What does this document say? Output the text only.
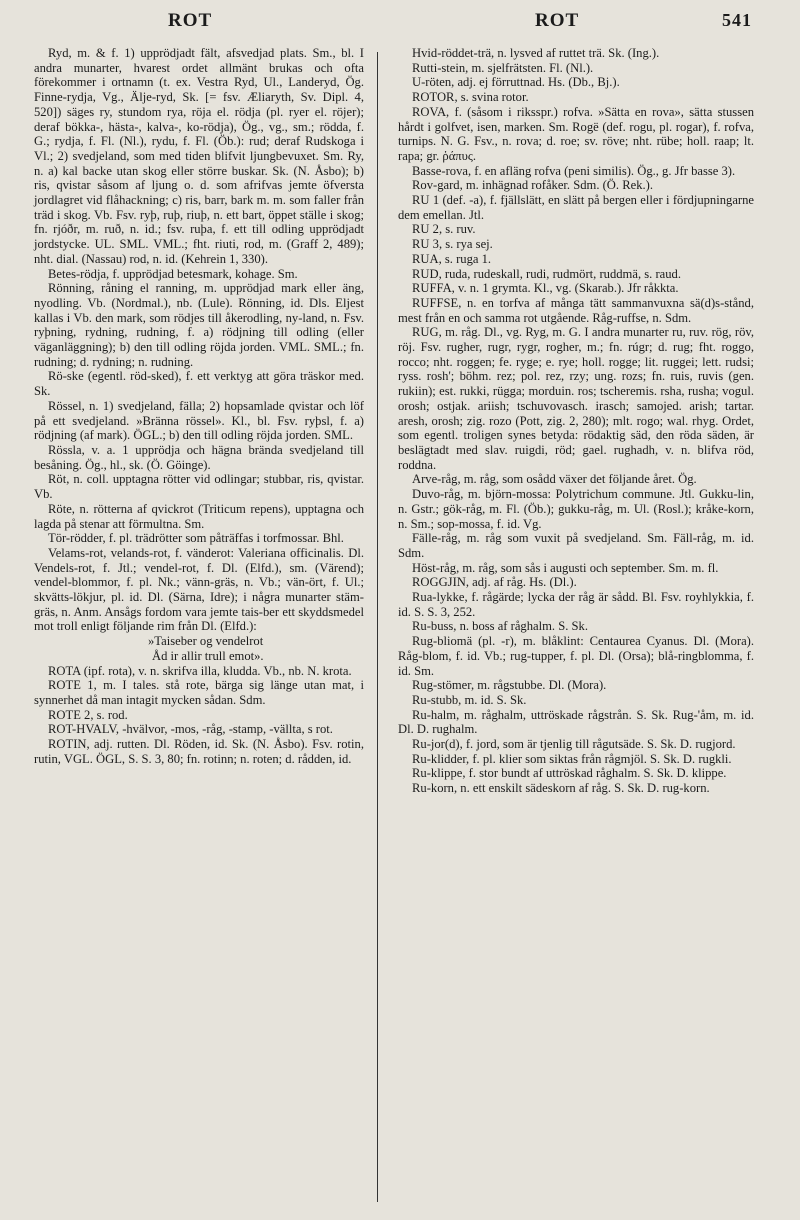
ROT	ROT	541

Ryd, m. & f. 1) upprödjadt fält, afsvedjad plats. Sm., bl. I andra munarter, hvarest ordet allmänt brukas och ofta förekommer i ortnamn (t. ex. Vestra Ryd, Ul., Landeryd, Ög. Finne-rydja, Vg., Älje-ryd, Sk. [= fsv. Æliaryth, Sv. Dipl. 4, 520]) säges ry, stundom rya, röja el. rödja (pl. ryer el. röjer); deraf bökka-, hästa-, kalva-, ko-rödja), Ög., vg., sm.; rödda, f. G.; rydja, f. Fl. (Nl.), rydu, f. Fl. (Öb.): rud; deraf Rudskoga i Vl.; 2) svedjeland, som med tiden blifvit ljungbevuxet. Sm. Ry, n. a) kal backe utan skog eller större buskar. Sk. (N. Åsbo); b) ris, qvistar såsom af ljung o. d. som afrifvas jemte öfversta jordlagret vid flåhackning; c) ris, barr, bark m. m. som faller från träd i skog. Vb. Fsv. ryþ, ruþ, riuþ, n. ett bart, öppet ställe i skog; fn. rjóðr, m. ruð, n. id.; fsv. ruþa, f. ett till odling upprödjadt jordstycke. UL. SML. VML.; fht. riuti, rod, m. (Graff 2, 489); nht. dial. (Nassau) rod, n. id. (Kehrein 1, 330).

Betes-rödja, f. upprödjad betesmark, kohage. Sm.

Rönning, råning el ranning, m. upprödjad mark eller äng, nyodling. Vb. (Nordmal.), nb. (Lule). Rönning, id. Dls. Eljest kallas i Vb. den mark, som rödjes till åkerodling, ny-land, n. Fsv. ryþning, rydning, rudning, f. a) rödjning till odling (eller väganläggning); b) den till odling röjda jorden. VML. SML.; fn. rudning; d. rydning; n. rudning.

Rö-ske (egentl. röd-sked), f. ett verktyg att göra träskor med. Sk.

Rössel, n. 1) svedjeland, fälla; 2) hopsamlade qvistar och löf på ett svedjeland. »Bränna rössel». Kl., bl. Fsv. ryþsl, f. a) rödjning (af mark). ÖGL.; b) den till odling röjda jorden. SML.

Rössla, v. a. 1 upprödja och hägna brända svedjeland till besåning. Ög., hl., sk. (Ö. Göinge).

Röt, n. coll. upptagna rötter vid odlingar; stubbar, ris, qvistar. Vb.

Röte, n. rötterna af qvickrot (Triticum repens), upptagna och lagda på stenar att förmultna. Sm.

Tör-rödder, f. pl. trädrötter som påträffas i torfmossar. Bhl.

Velams-rot, velands-rot, f. vänderot: Valeriana officinalis. Dl. Vendels-rot, f. Jtl.; vendel-rot, f. Dl. (Elfd.), sm. (Värend); vendel-blommor, f. pl. Nk.; vänn-gräs, n. Vb.; vän-ört, f. Ul.; skvätts-lökjur, pl. id. Dl. (Särna, Idre); i några munarter stäm-gräs, n. Anm. Ansågs fordom vara jemte tais-ber ett skyddsmedel mot troll enligt följande rim från Dl. (Elfd.):

»Taiseber og vendelrot

Åd ir allir trull emot».

ROTA (ipf. rota), v. n. skrifva illa, kludda. Vb., nb. N. krota.

ROTE 1, m. I tales. stå rote, bärga sig länge utan mat, i synnerhet då man intagit mycken sådan. Sdm.

ROTE 2, s. rod.

ROT-HVALV, -hvälvor, -mos, -råg, -stamp, -vällta, s rot.

ROTIN, adj. rutten. Dl. Röden, id. Sk. (N. Åsbo). Fsv. rotin, rutin, VGL. ÖGL, S. S. 3, 80; fn. rotinn; n. roten; d. rådden, id.

Hvid-röddet-trä, n. lysved af ruttet trä. Sk. (Ing.).

Rutti-stein, m. sjelfrätsten. Fl. (Nl.).

U-röten, adj. ej förruttnad. Hs. (Db., Bj.).

ROTOR, s. svina rotor.

ROVA, f. (såsom i riksspr.) rofva. »Sätta en rova», sätta stussen hårdt i golfvet, isen, marken. Sm. Rogë (def. rogu, pl. rogar), f. rofva, turnips. N. G. Fsv., n. rova; d. roe; sv. röve; nht. rübe; holl. raap; lt. rapa; gr. ῥάπυς.

Basse-rova, f. en afläng rofva (peni similis). Ög., g. Jfr basse 3).

Rov-gard, m. inhägnad rofåker. Sdm. (Ö. Rek.).

RU 1 (def. -a), f. fjällslätt, en slätt på bergen eller i fördjupningarne dem emellan. Jtl.

RU 2, s. ruv.

RU 3, s. rya sej.

RUA, s. ruga 1.

RUD, ruda, rudeskall, rudi, rudmört, ruddmä, s. raud.

RUFFA, v. n. 1 grymta. Kl., vg. (Skarab.). Jfr råkkta.

RUFFSE, n. en torfva af många tätt sammanvuxna sä(d)s-stånd, mest från en och samma rot utgående. Råg-ruffse, n. Sdm.

RUG, m. råg. Dl., vg. Ryg, m. G. I andra munarter ru, ruv. rög, röv, röj. Fsv. rugher, rugr, rygr, rogher, m.; fn. rúgr; d. rug; fht. roggo, rocco; nht. roggen; fe. ryge; e. rye; holl. rogge; lit. ruggei; lett. rudsi; ryss. rosh'; böhm. rez; pol. rez, rzy; ung. rozs; fn. ruis, ruvis (gen. rukiin); est. rukki, rügga; morduin. ros; tscheremis. rsha, rusha; vogul. orosh; ostjak. ariish; tschuvovasch. irasch; samojed. arish; tartar. aresh, orosh; zig. rozo (Pott, zig. 2, 280); mlt. rogo; wal. rhyg. Ordet, som egentl. troligen synes betyda: rödaktig säd, den röda säden, är beslägtadt med slav. ruigdi, röd; gael. rughadh, v. n. blifva röd, roddna.

Arve-råg, m. råg, som osådd växer det följande året. Ög.

Duvo-råg, m. björn-mossa: Polytrichum commune. Jtl. Gukku-lin, n. Gstr.; gök-råg, m. Fl. (Öb.); gukku-råg, m. Ul. (Rosl.); kråke-korn, n. Sm.; sop-mossa, f. id. Vg.

Fälle-råg, m. råg som vuxit på svedjeland. Sm. Fäll-råg, m. id. Sdm.

Höst-råg, m. råg, som sås i augusti och september. Sm. m. fl.

ROGGJIN, adj. af råg. Hs. (Dl.).

Rua-lykke, f. rågärde; lycka der råg är sådd. Bl. Fsv. royhlykkia, f. id. S. S. 3, 252.

Ru-buss, n. boss af råghalm. S. Sk.

Rug-bliomä (pl. -r), m. blåklint: Centaurea Cyanus. Dl. (Mora). Råg-blom, f. id. Vb.; rug-tupper, f. pl. Dl. (Orsa); blå-ringblomma, f. id. Sm.

Rug-stömer, m. rågstubbe. Dl. (Mora).

Ru-stubb, m. id. S. Sk.

Ru-halm, m. råghalm, uttröskade rågstrån. S. Sk. Rug-'åm, m. id. Dl. D. rughalm.

Ru-jor(d), f. jord, som är tjenlig till rågutsäde. S. Sk. D. rugjord.

Ru-klidder, f. pl. klier som siktas från rågmjöl. S. Sk. D. rugkli.

Ru-klippe, f. stor bundt af uttröskad råghalm. S. Sk. D. klippe.

Ru-korn, n. ett enskilt sädeskorn af råg. S. Sk. D. rug-korn.
